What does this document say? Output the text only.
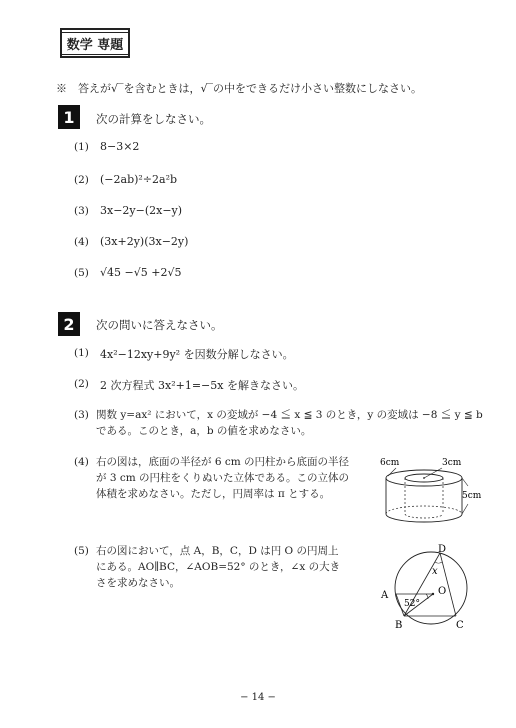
数学 専題
※　答えが√‾を含むときは，√‾の中をできるだけ小さい整数にしなさい。
1	次の計算をしなさい。
(1) 8−3×2
(2) (−2ab)²÷2a²b
(3) 3x−2y−(2x−y)
(4) (3x+2y)(3x−2y)
(5) √45 −√5 +2√5
2	次の問いに答えなさい。
(1) 4x²−12xy+9y² を因数分解しなさい。
(2) 2 次方程式 3x²+1=−5x を解きなさい。
(3) 関数 y=ax² において，x の変域が −4 ≦ x ≦ 3 のとき，y の変域は −8 ≦ y ≦ b
である。このとき，a，b の値を求めなさい。
(4) 右の図は，底面の半径が 6 cm の円柱から底面の半径
が 3 cm の円柱をくりぬいた立体である。この立体の
体積を求めなさい。ただし，円周率は π とする。
6cm	3cm
5cm
(5) 右の図において，点 A，B，C，D は円 O の円周上
にある。AO∥BC，∠AOB=52° のとき，∠x の大き
さを求めなさい。
D
A
B	C
O
x
52°
− 14 −
